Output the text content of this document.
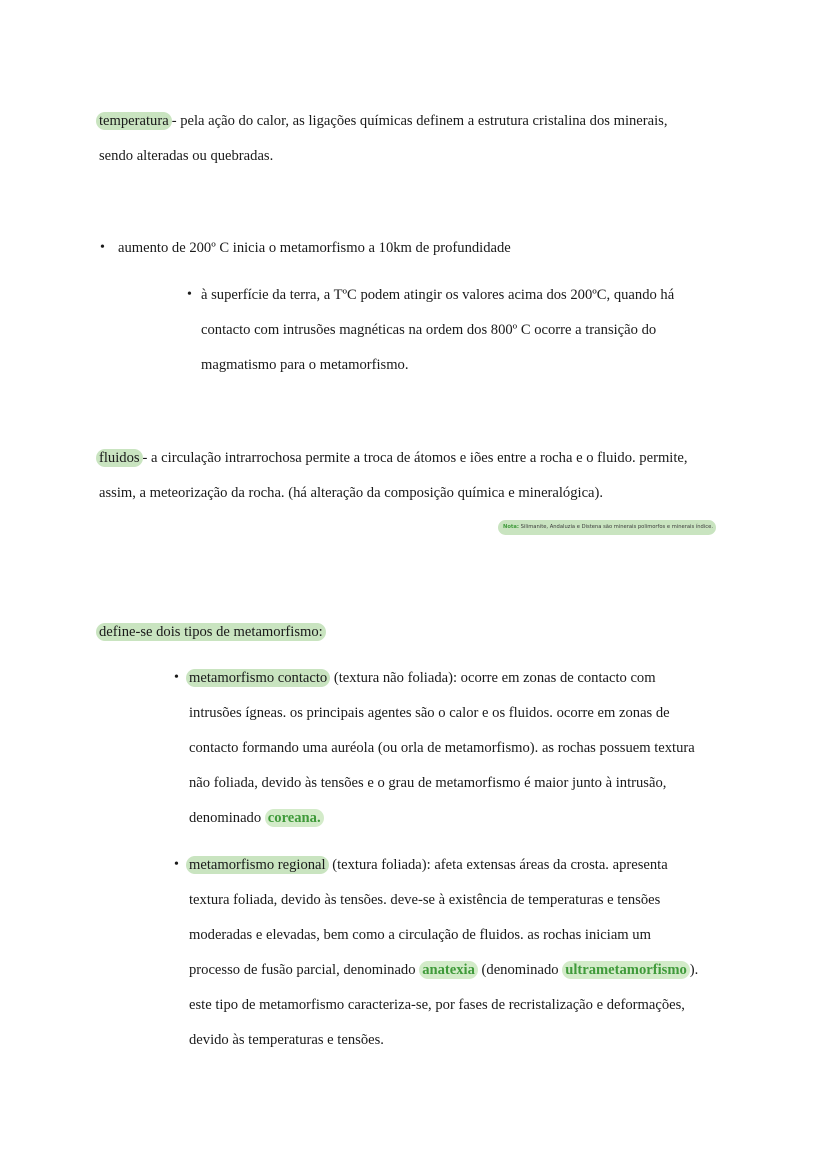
temperatura - pela ação do calor, as ligações químicas definem a estrutura cristalina dos minerais,

sendo alteradas ou quebradas.

• aumento de 200º C inicia o metamorfismo a 10km de profundidade

• à superfície da terra, a TºC podem atingir os valores acima dos 200ºC, quando há

contacto com intrusões magnéticas na ordem dos 800º C ocorre a transição do

magmatismo para o metamorfismo.

fluidos - a circulação intrarrochosa permite a troca de átomos e iões entre a rocha e o fluido. permite,

assim, a meteorização da rocha. (há alteração da composição química e mineralógica).

Nota: Silimanite, Andaluzia e Distena são minerais polimorfos e minerais índice.

define-se dois tipos de metamorfismo:

• metamorfismo contacto (textura não foliada): ocorre em zonas de contacto com

intrusões ígneas. os principais agentes são o calor e os fluidos. ocorre em zonas de

contacto formando uma auréola (ou orla de metamorfismo). as rochas possuem textura

não foliada, devido às tensões e o grau de metamorfismo é maior junto à intrusão,

denominado coreana.

• metamorfismo regional (textura foliada): afeta extensas áreas da crosta. apresenta

textura foliada, devido às tensões. deve-se à existência de temperaturas e tensões

moderadas e elevadas, bem como a circulação de fluidos. as rochas iniciam um

processo de fusão parcial, denominado anatexia (denominado ultrametamorfismo ).

este tipo de metamorfismo caracteriza-se, por fases de recristalização e deformações,

devido às temperaturas e tensões.
